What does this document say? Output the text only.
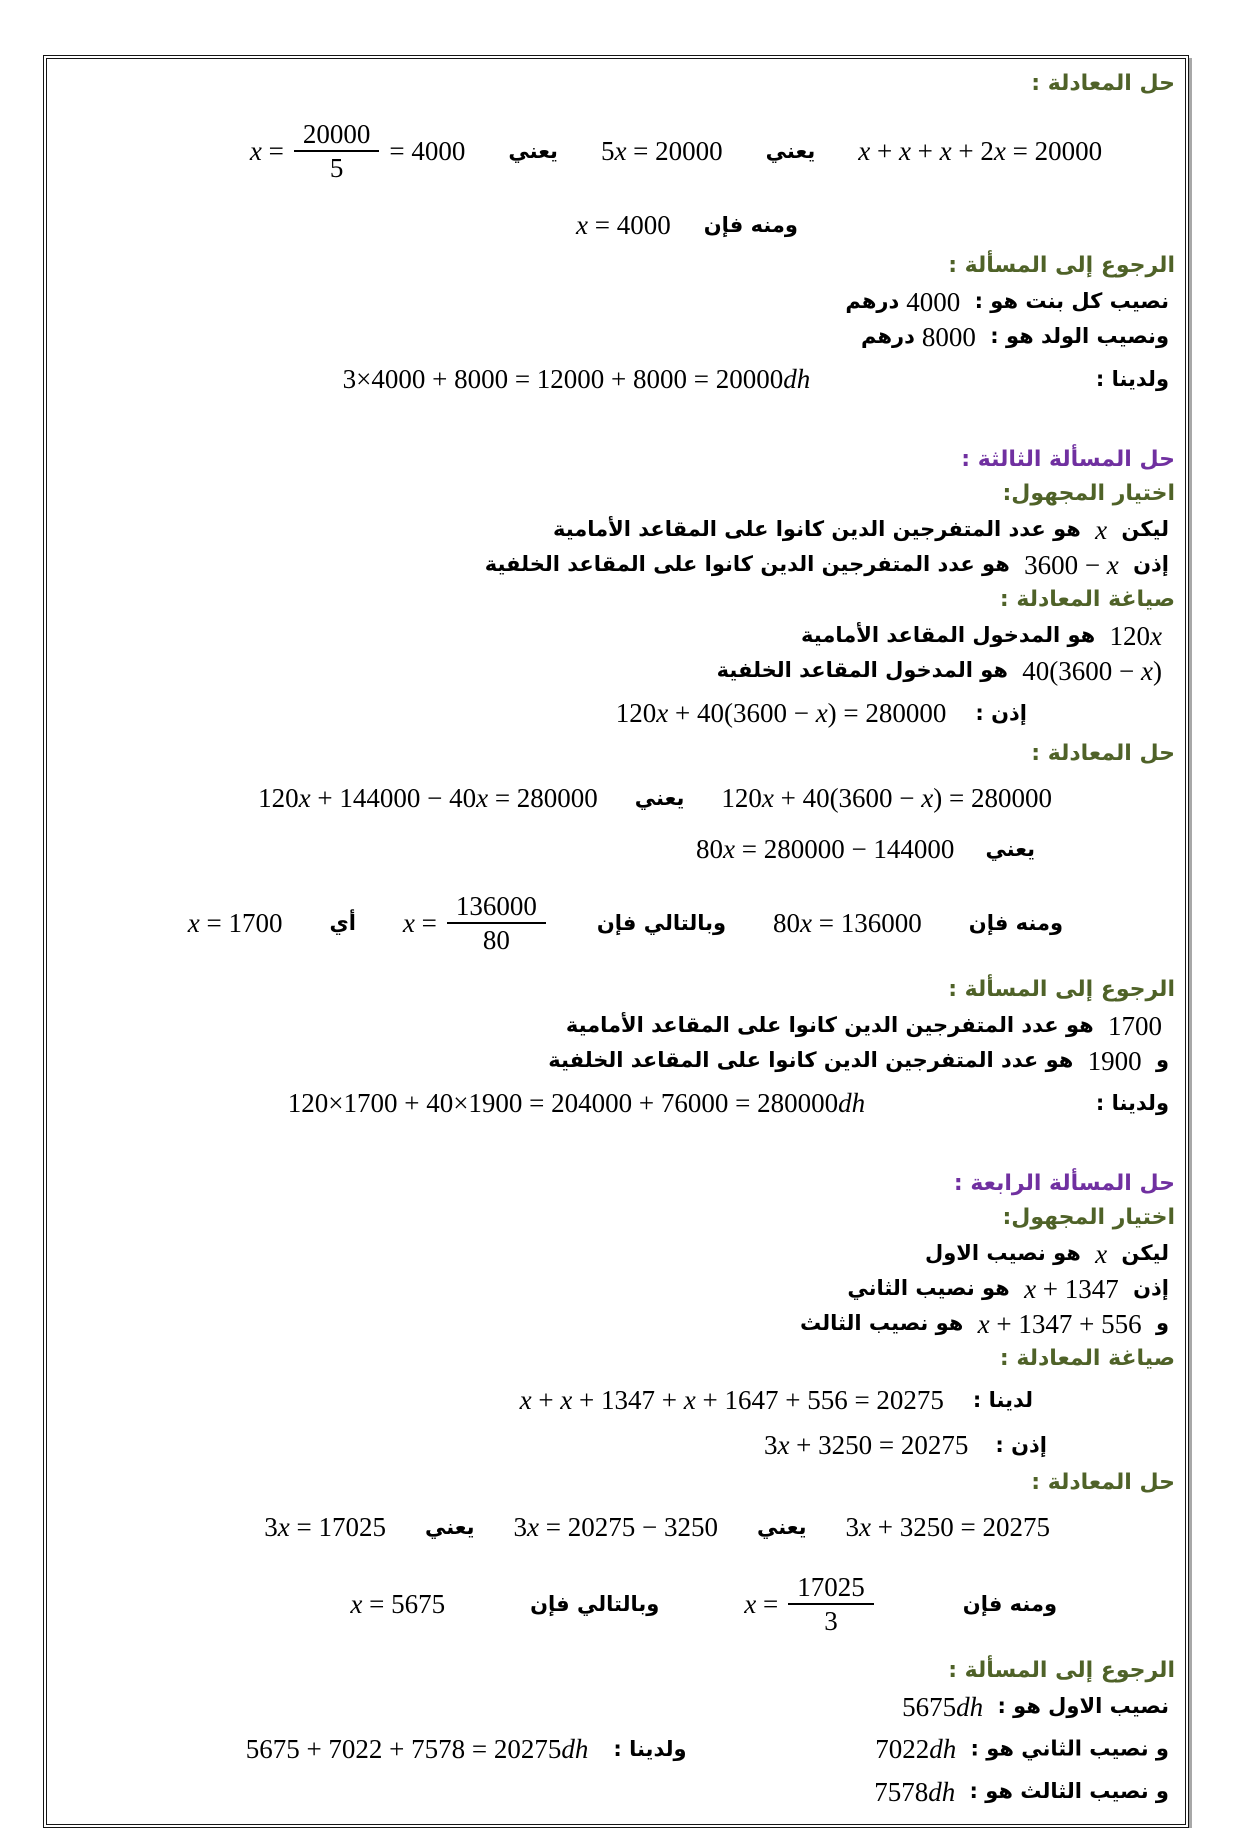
حل المعادلة :
x + x + x + 2x = 20000
يعني
5x = 20000
يعني
$x = \frac{20000}{5} = 4000$
ومنه فإن
x = 4000
الرجوع إلى المسألة :
نصيب كل بنت هو : 4000درهم
ونصيب الولد هو : 8000درهم
ولدينا :
3×4000 + 8000 = 12000 + 8000 = 20000dh
حل المسألة الثالثة :
اختيار المجهول:
ليكن x هو عدد المتفرجين الدين كانوا على المقاعد الأمامية
إذن 3600 − x هو عدد المتفرجين الدين كانوا على المقاعد الخلفية
صياغة المعادلة :
120x هو المدخول المقاعد الأمامية
40(3600 − x) هو المدخول المقاعد الخلفية
إذن :
120x + 40(3600 − x) = 280000
حل المعادلة :
120x + 40(3600 − x) = 280000
يعني
120x + 144000 − 40x = 280000
يعني
80x = 280000 − 144000
ومنه فإن
80x = 136000
وبالتالي فإن
$x = \frac{136000}{80}$
أي
x = 1700
الرجوع إلى المسألة :
1700 هو عدد المتفرجين الدين كانوا على المقاعد الأمامية
و 1900 هو عدد المتفرجين الدين كانوا على المقاعد الخلفية
ولدينا :
120×1700 + 40×1900 = 204000 + 76000 = 280000dh
حل المسألة الرابعة :
اختيار المجهول:
ليكن x هو نصيب الاول
إذن x + 1347 هو نصيب الثاني
و x + 1347 + 556 هو نصيب الثالث
صياغة المعادلة :
لدينا :
x + x + 1347 + x + 1647 + 556 = 20275
إذن :
3x + 3250 = 20275
حل المعادلة :
3x + 3250 = 20275
يعني
3x = 20275 − 3250
يعني
3x = 17025
ومنه فإن
$x = \frac{17025}{3}$
وبالتالي فإن
x = 5675
الرجوع إلى المسألة :
نصيب الاول هو : 5675dh
و نصيب الثاني هو : 7022dh
ولدينا :
5675 + 7022 + 7578 = 20275dh
و نصيب الثالث هو : 7578dh
